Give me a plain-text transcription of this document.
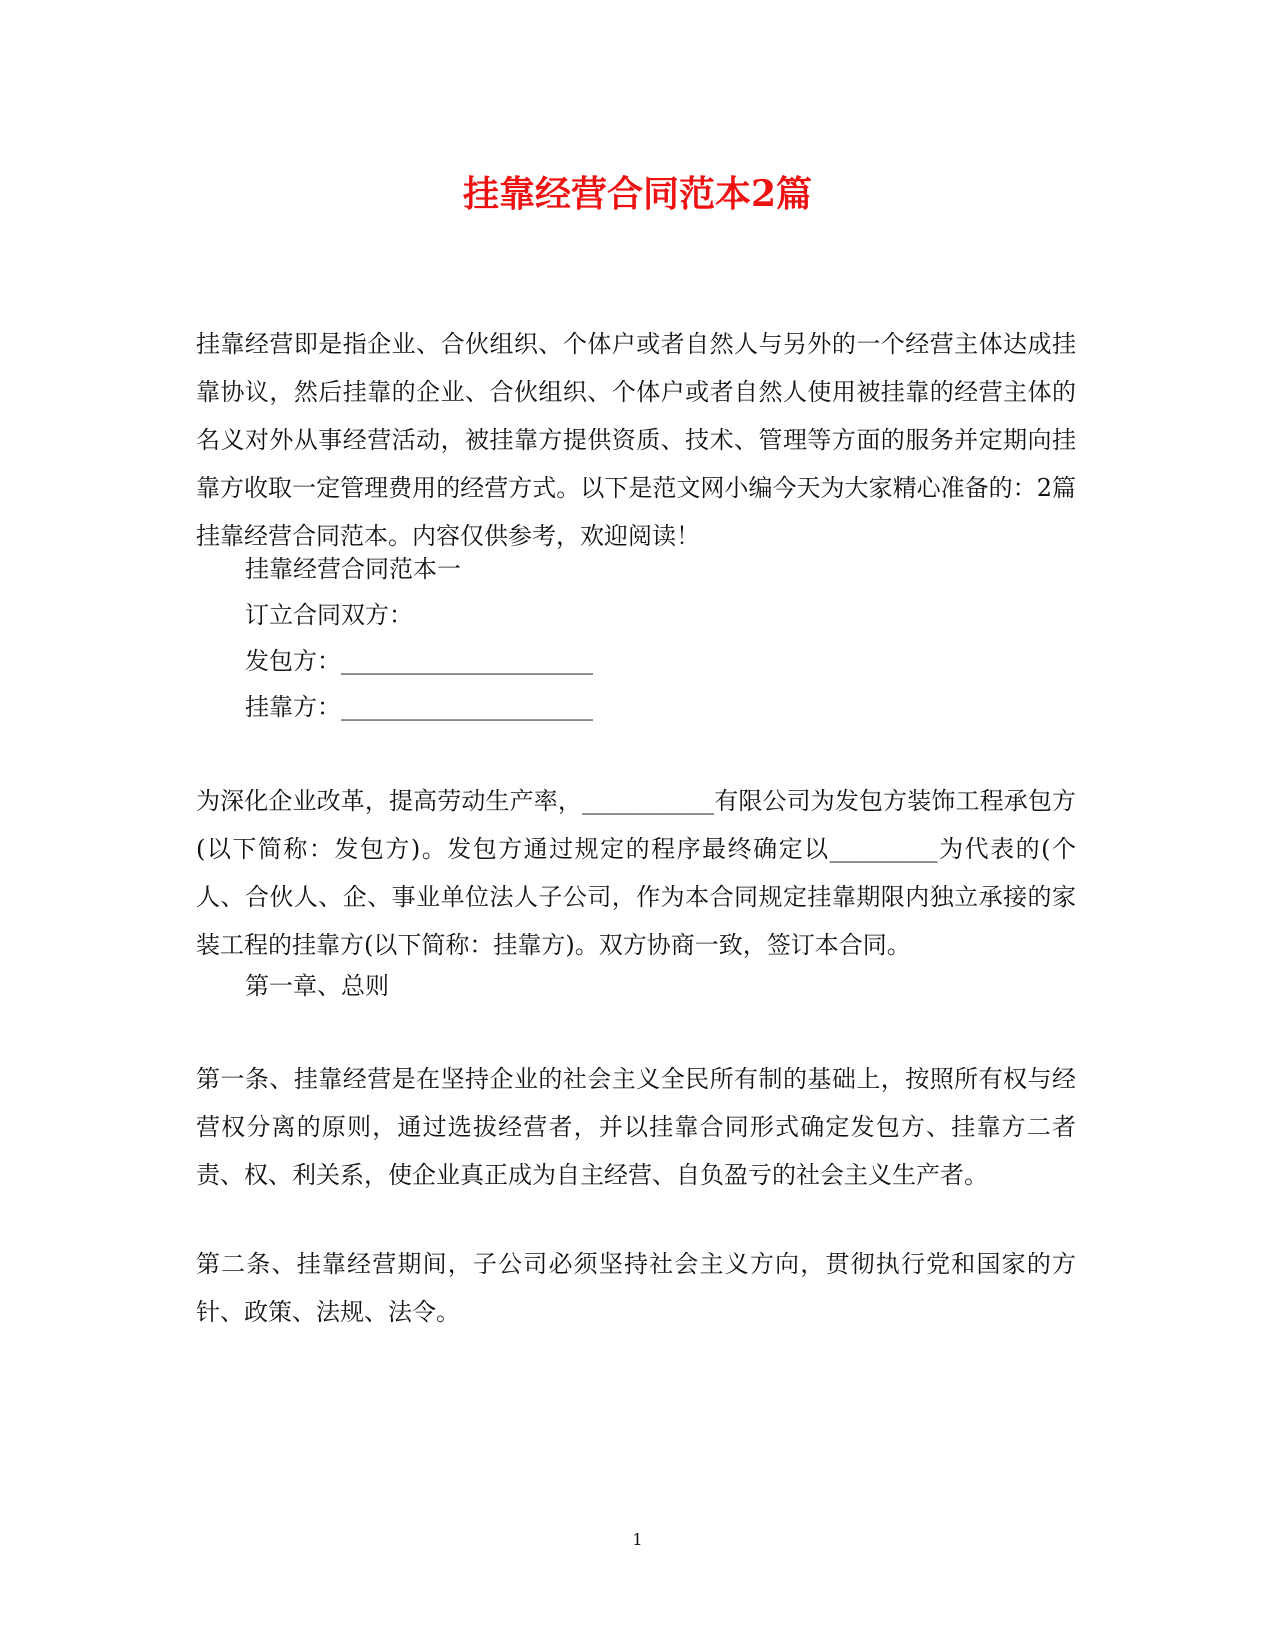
挂靠经营合同范本2篇

挂靠经营即是指企业、合伙组织、个体户或者自然人与另外的一个经营主体达成挂靠协议，然后挂靠的企业、合伙组织、个体户或者自然人使用被挂靠的经营主体的名义对外从事经营活动，被挂靠方提供资质、技术、管理等方面的服务并定期向挂靠方收取一定管理费用的经营方式。以下是范文网小编今天为大家精心准备的：2篇挂靠经营合同范本。内容仅供参考，欢迎阅读！

挂靠经营合同范本一

订立合同双方：

发包方：_____________________

挂靠方：_____________________

为深化企业改革，提高劳动生产率，___________有限公司为发包方装饰工程承包方(以下简称：发包方)。发包方通过规定的程序最终确定以_________为代表的(个人、合伙人、企、事业单位法人子公司，作为本合同规定挂靠期限内独立承接的家装工程的挂靠方(以下简称：挂靠方)。双方协商一致，签订本合同。

第一章、总则

第一条、挂靠经营是在坚持企业的社会主义全民所有制的基础上，按照所有权与经营权分离的原则，通过选拔经营者，并以挂靠合同形式确定发包方、挂靠方二者责、权、利关系，使企业真正成为自主经营、自负盈亏的社会主义生产者。

第二条、挂靠经营期间，子公司必须坚持社会主义方向，贯彻执行党和国家的方针、政策、法规、法令。

1
